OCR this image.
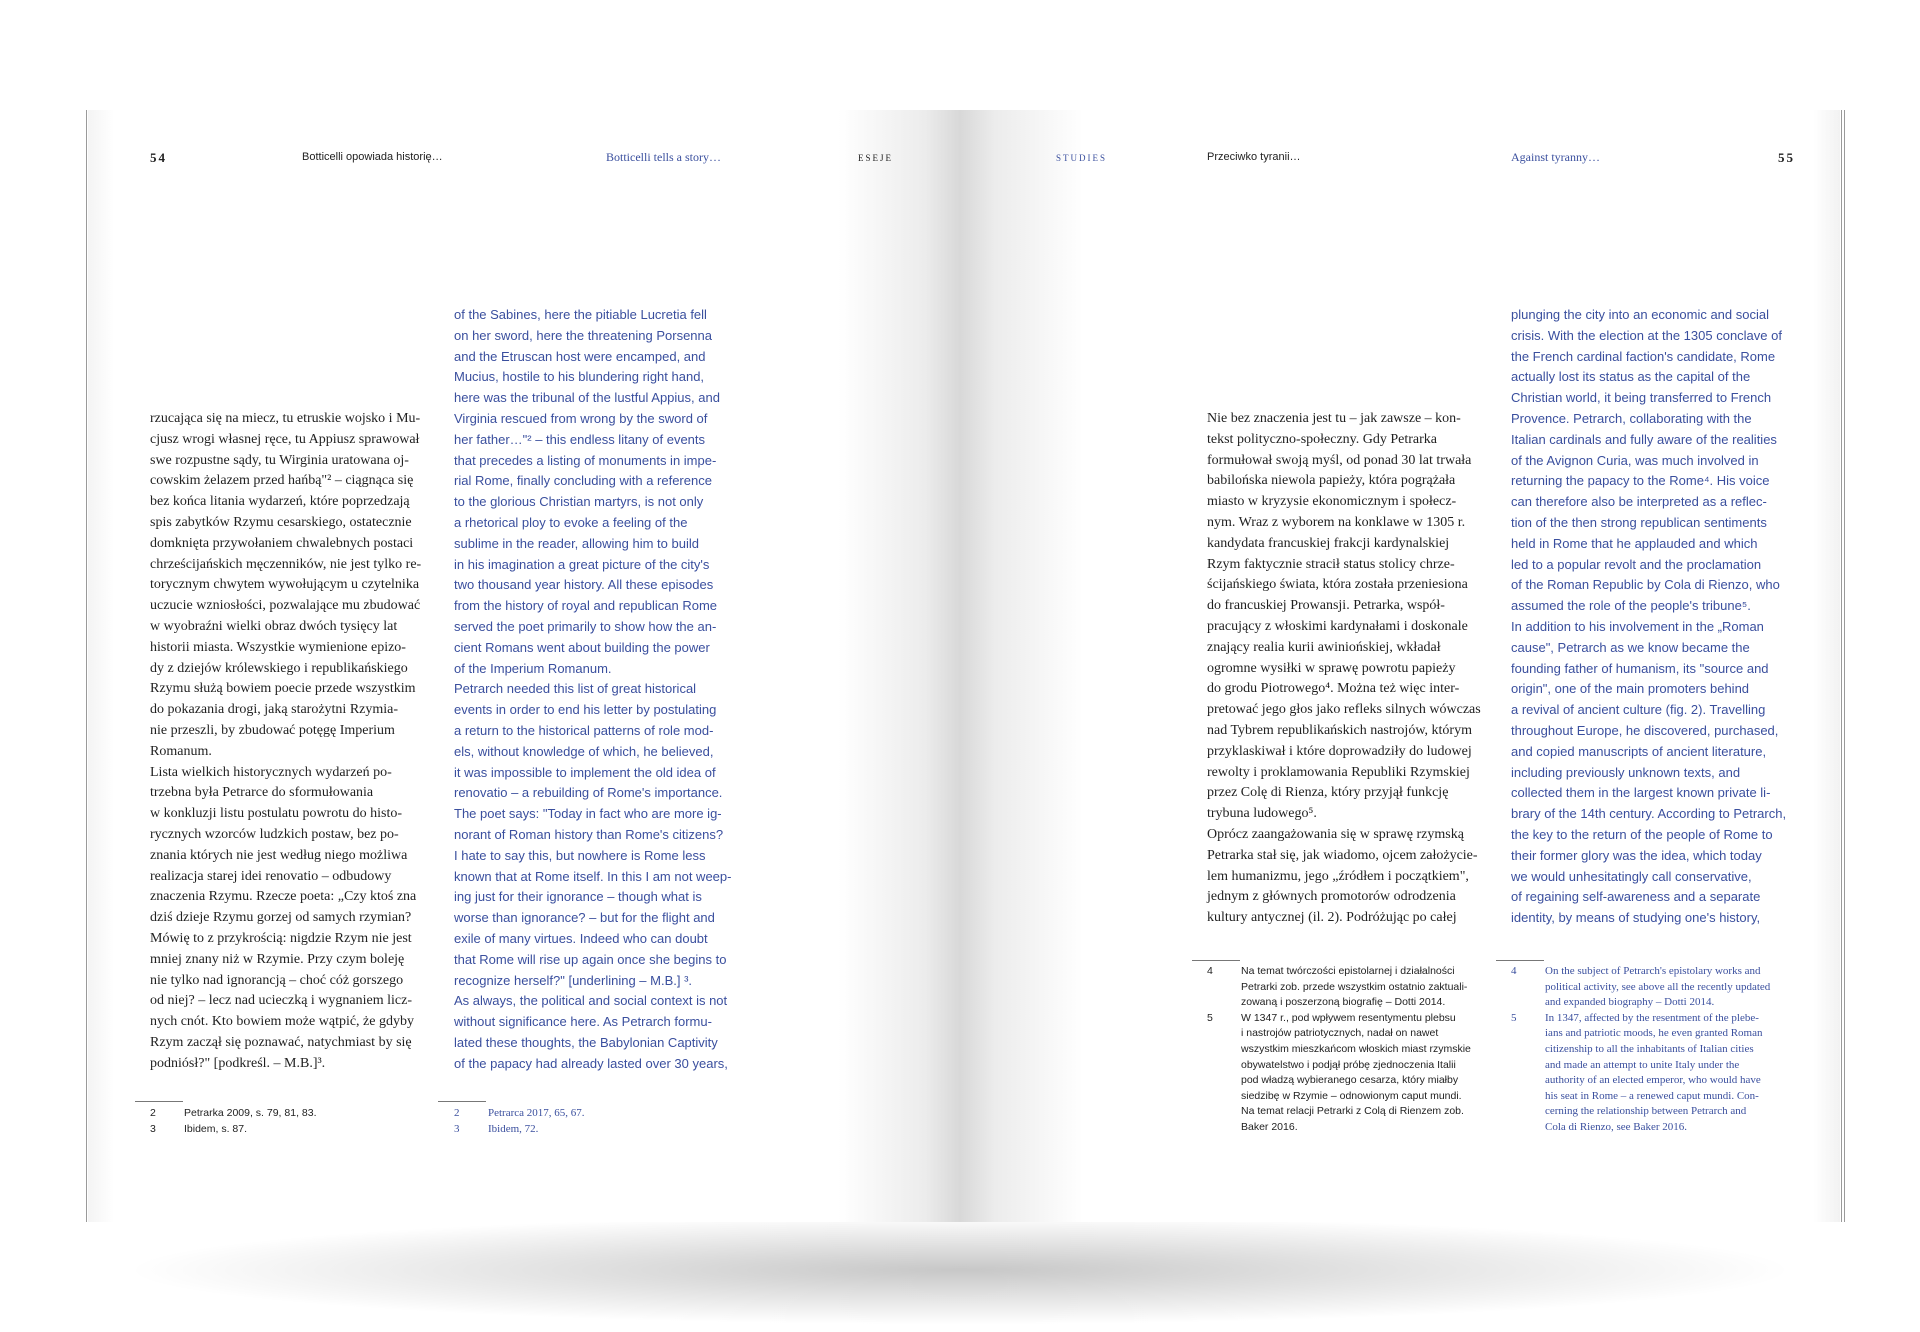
54	Botticelli opowiada historię…	Botticelli tells a story…	ESEJE	STUDIES	Przeciwko tyranii…	Against tyranny…	55
rzucająca się na miecz, tu etruskie wojsko i Mu-
cjusz wrogi własnej ręce, tu Appiusz sprawował
swe rozpustne sądy, tu Wirginia uratowana oj-
cowskim żelazem przed hańbą"² – ciągnąca się
bez końca litania wydarzeń, które poprzedzają
spis zabytków Rzymu cesarskiego, ostatecznie
domknięta przywołaniem chwalebnych postaci
chrześcijańskich męczenników, nie jest tylko re-
torycznym chwytem wywołującym u czytelnika
uczucie wzniosłości, pozwalające mu zbudować
w wyobraźni wielki obraz dwóch tysięcy lat
historii miasta. Wszystkie wymienione epizo-
dy z dziejów królewskiego i republikańskiego
Rzymu służą bowiem poecie przede wszystkim
do pokazania drogi, jaką starożytni Rzymia-
nie przeszli, by zbudować potęgę Imperium
Romanum.
Lista wielkich historycznych wydarzeń po-
trzebna była Petrarce do sformułowania
w konkluzji listu postulatu powrotu do histo-
rycznych wzorców ludzkich postaw, bez po-
znania których nie jest według niego możliwa
realizacja starej idei renovatio – odbudowy
znaczenia Rzymu. Rzecze poeta: „Czy ktoś zna
dziś dzieje Rzymu gorzej od samych rzymian?
Mówię to z przykrością: nigdzie Rzym nie jest
mniej znany niż w Rzymie. Przy czym boleję
nie tylko nad ignorancją – choć cóż gorszego
od niej? – lecz nad ucieczką i wygnaniem licz-
nych cnót. Kto bowiem może wątpić, że gdyby
Rzym zaczął się poznawać, natychmiast by się
podniósł?" [podkreśl. – M.B.]³.
of the Sabines, here the pitiable Lucretia fell
on her sword, here the threatening Porsenna
and the Etruscan host were encamped, and
Mucius, hostile to his blundering right hand,
here was the tribunal of the lustful Appius, and
Virginia rescued from wrong by the sword of
her father…"² – this endless litany of events
that precedes a listing of monuments in impe-
rial Rome, finally concluding with a reference
to the glorious Christian martyrs, is not only
a rhetorical ploy to evoke a feeling of the
sublime in the reader, allowing him to build
in his imagination a great picture of the city's
two thousand year history. All these episodes
from the history of royal and republican Rome
served the poet primarily to show how the an-
cient Romans went about building the power
of the Imperium Romanum.
Petrarch needed this list of great historical
events in order to end his letter by postulating
a return to the historical patterns of role mod-
els, without knowledge of which, he believed,
it was impossible to implement the old idea of
renovatio – a rebuilding of Rome's importance.
The poet says: "Today in fact who are more ig-
norant of Roman history than Rome's citizens?
I hate to say this, but nowhere is Rome less
known that at Rome itself. In this I am not weep-
ing just for their ignorance – though what is
worse than ignorance? – but for the flight and
exile of many virtues. Indeed who can doubt
that Rome will rise up again once she begins to
recognize herself?" [underlining – M.B.] ³.
As always, the political and social context is not
without significance here. As Petrarch formu-
lated these thoughts, the Babylonian Captivity
of the papacy had already lasted over 30 years,
2	Petrarka 2009, s. 79, 81, 83.
3	Ibidem, s. 87.
2	Petrarca 2017, 65, 67.
3	Ibidem, 72.
Nie bez znaczenia jest tu – jak zawsze – kon-
tekst polityczno-społeczny. Gdy Petrarka
formułował swoją myśl, od ponad 30 lat trwała
babilońska niewola papieży, która pogrążała
miasto w kryzysie ekonomicznym i społecz-
nym. Wraz z wyborem na konklawe w 1305 r.
kandydata francuskiej frakcji kardynalskiej
Rzym faktycznie stracił status stolicy chrze-
ścijańskiego świata, która została przeniesiona
do francuskiej Prowansji. Petrarka, współ-
pracujący z włoskimi kardynałami i doskonale
znający realia kurii awiniońskiej, wkładał
ogromne wysiłki w sprawę powrotu papieży
do grodu Piotrowego⁴. Można też więc inter-
pretować jego głos jako refleks silnych wówczas
nad Tybrem republikańskich nastrojów, którym
przyklaskiwał i które doprowadziły do ludowej
rewolty i proklamowania Republiki Rzymskiej
przez Colę di Rienza, który przyjął funkcję
trybuna ludowego⁵.
Oprócz zaangażowania się w sprawę rzymską
Petrarka stał się, jak wiadomo, ojcem założycie-
lem humanizmu, jego „źródłem i początkiem",
jednym z głównych promotorów odrodzenia
kultury antycznej (il. 2). Podróżując po całej
plunging the city into an economic and social
crisis. With the election at the 1305 conclave of
the French cardinal faction's candidate, Rome
actually lost its status as the capital of the
Christian world, it being transferred to French
Provence. Petrarch, collaborating with the
Italian cardinals and fully aware of the realities
of the Avignon Curia, was much involved in
returning the papacy to the Rome⁴. His voice
can therefore also be interpreted as a reflec-
tion of the then strong republican sentiments
held in Rome that he applauded and which
led to a popular revolt and the proclamation
of the Roman Republic by Cola di Rienzo, who
assumed the role of the people's tribune⁵.
In addition to his involvement in the „Roman
cause", Petrarch as we know became the
founding father of humanism, its "source and
origin", one of the main promoters behind
a revival of ancient culture (fig. 2). Travelling
throughout Europe, he discovered, purchased,
and copied manuscripts of ancient literature,
including previously unknown texts, and
collected them in the largest known private li-
brary of the 14th century. According to Petrarch,
the key to the return of the people of Rome to
their former glory was the idea, which today
we would unhesitatingly call conservative,
of regaining self-awareness and a separate
identity, by means of studying one's history,
4	Na temat twórczości epistolarnej i działalności
Petrarki zob. przede wszystkim ostatnio zaktuali-
zowaną i poszerzoną biografię – Dotti 2014.
5	W 1347 r., pod wpływem resentymentu plebsu
i nastrojów patriotycznych, nadał on nawet
wszystkim mieszkańcom włoskich miast rzymskie
obywatelstwo i podjął próbę zjednoczenia Italii
pod władzą wybieranego cesarza, który miałby
siedzibę w Rzymie – odnowionym caput mundi.
Na temat relacji Petrarki z Colą di Rienzem zob.
Baker 2016.
4	On the subject of Petrarch's epistolary works and
political activity, see above all the recently updated
and expanded biography – Dotti 2014.
5	In 1347, affected by the resentment of the plebe-
ians and patriotic moods, he even granted Roman
citizenship to all the inhabitants of Italian cities
and made an attempt to unite Italy under the
authority of an elected emperor, who would have
his seat in Rome – a renewed caput mundi. Con-
cerning the relationship between Petrarch and
Cola di Rienzo, see Baker 2016.
